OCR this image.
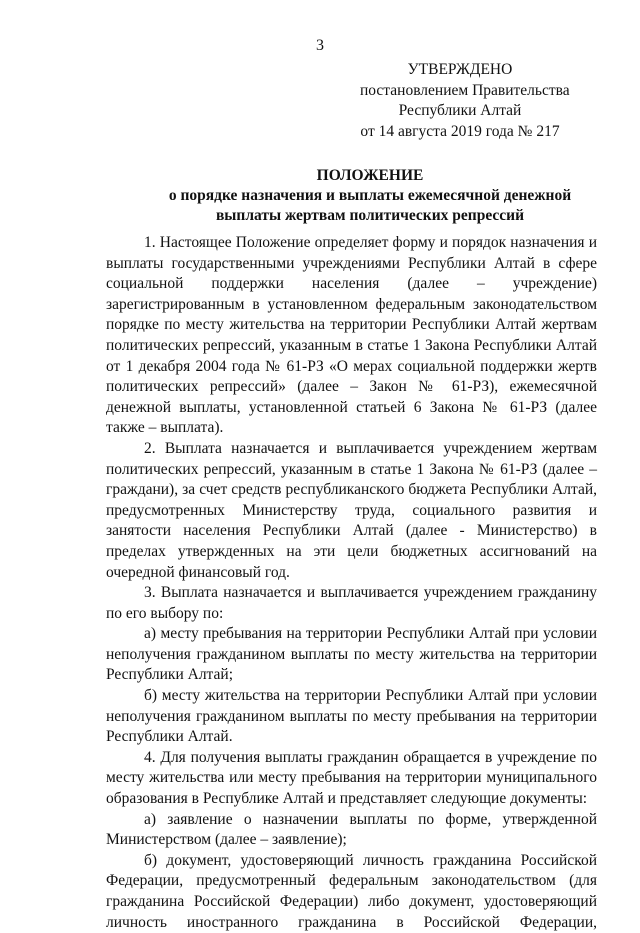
3
УТВЕРЖДЕНО
постановлением Правительства
Республики Алтай
от 14 августа 2019 года № 217
ПОЛОЖЕНИЕ
о порядке назначения и выплаты ежемесячной денежной
выплаты жертвам политических репрессий

1. Настоящее Положение определяет форму и порядок назначения и выплаты государственными учреждениями Республики Алтай в сфере социальной поддержки населения (далее – учреждение) зарегистрированным в установленном федеральным законодательством порядке по месту жительства на территории Республики Алтай жертвам политических репрессий, указанным в статье 1 Закона Республики Алтай от 1 декабря 2004 года № 61-РЗ «О мерах социальной поддержки жертв политических репрессий» (далее – Закон № 61-РЗ), ежемесячной денежной выплаты, установленной статьей 6 Закона № 61-РЗ (далее также – выплата).

2. Выплата назначается и выплачивается учреждением жертвам политических репрессий, указанным в статье 1 Закона № 61-РЗ (далее – граждани), за счет средств республиканского бюджета Республики Алтай, предусмотренных Министерству труда, социального развития и занятости населения Республики Алтай (далее - Министерство) в пределах утвержденных на эти цели бюджетных ассигнований на очередной финансовый год.

3. Выплата назначается и выплачивается учреждением гражданину по его выбору по:

а) месту пребывания на территории Республики Алтай при условии неполучения гражданином выплаты по месту жительства на территории Республики Алтай;

б) месту жительства на территории Республики Алтай при условии неполучения гражданином выплаты по месту пребывания на территории Республики Алтай.

4. Для получения выплаты гражданин обращается в учреждение по месту жительства или месту пребывания на территории муниципального образования в Республике Алтай и представляет следующие документы:

а) заявление о назначении выплаты по форме, утвержденной Министерством (далее – заявление);

б) документ, удостоверяющий личность гражданина Российской Федерации, предусмотренный федеральным законодательством (для гражданина Российской Федерации) либо документ, удостоверяющий личность иностранного гражданина в Российской Федерации,
